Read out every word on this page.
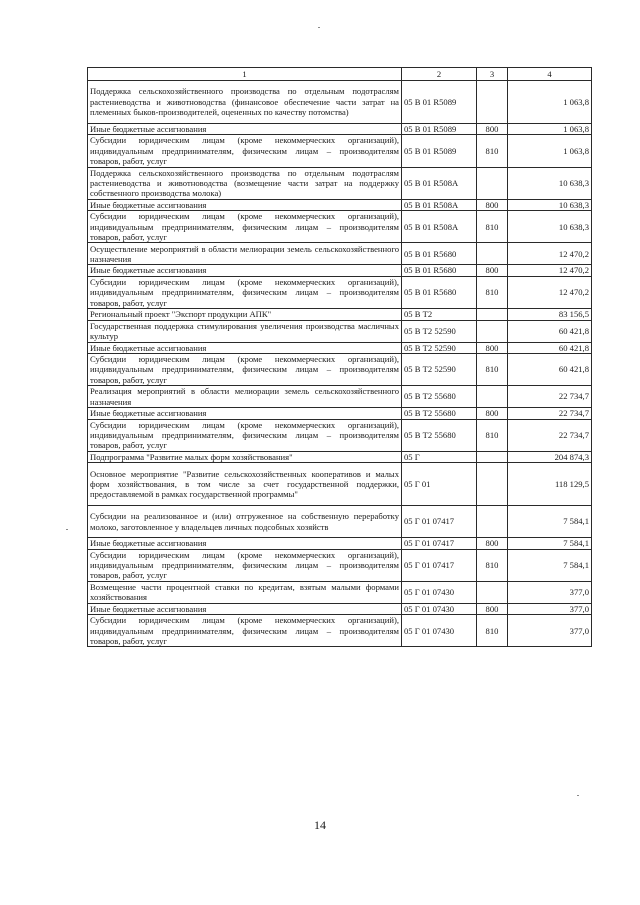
1	2	3	4
Поддержка сельскохозяйственного производства по отдельным подотраслям растениеводства и животноводства (финансовое обеспечение части затрат на племенных быков-производителей, оцененных по качеству потомства)	05 В 01 R5089		1 063,8
Иные бюджетные ассигнования	05 В 01 R5089	800	1 063,8
Субсидии юридическим лицам (кроме некоммерческих организаций), индивидуальным предпринимателям, физическим лицам – производителям товаров, работ, услуг	05 В 01 R5089	810	1 063,8
Поддержка сельскохозяйственного производства по отдельным подотраслям растениеводства и животноводства (возмещение части затрат на поддержку собственного производства молока)	05 В 01 R508А		10 638,3
Иные бюджетные ассигнования	05 В 01 R508А	800	10 638,3
Субсидии юридическим лицам (кроме некоммерческих организаций), индивидуальным предпринимателям, физическим лицам – производителям товаров, работ, услуг	05 В 01 R508А	810	10 638,3
Осуществление мероприятий в области мелиорации земель сельскохозяйственного назначения	05 В 01 R5680		12 470,2
Иные бюджетные ассигнования	05 В 01 R5680	800	12 470,2
Субсидии юридическим лицам (кроме некоммерческих организаций), индивидуальным предпринимателям, физическим лицам – производителям товаров, работ, услуг	05 В 01 R5680	810	12 470,2
Региональный проект "Экспорт продукции АПК"	05 В Т2		83 156,5
Государственная поддержка стимулирования увеличения производства масличных культур	05 В Т2 52590		60 421,8
Иные бюджетные ассигнования	05 В Т2 52590	800	60 421,8
Субсидии юридическим лицам (кроме некоммерческих организаций), индивидуальным предпринимателям, физическим лицам – производителям товаров, работ, услуг	05 В Т2 52590	810	60 421,8
Реализация мероприятий в области мелиорации земель сельскохозяйственного назначения	05 В Т2 55680		22 734,7
Иные бюджетные ассигнования	05 В Т2 55680	800	22 734,7
Субсидии юридическим лицам (кроме некоммерческих организаций), индивидуальным предпринимателям, физическим лицам – производителям товаров, работ, услуг	05 В Т2 55680	810	22 734,7
Подпрограмма "Развитие малых форм хозяйствования"	05 Г		204 874,3
Основное мероприятие "Развитие сельскохозяйственных кооперативов и малых форм хозяйствования, в том числе за счет государственной поддержки, предоставляемой в рамках государственной программы"	05 Г 01		118 129,5
Субсидии на реализованное и (или) отгруженное на собственную переработку молоко, заготовленное у владельцев личных подсобных хозяйств	05 Г 01 07417		7 584,1
Иные бюджетные ассигнования	05 Г 01 07417	800	7 584,1
Субсидии юридическим лицам (кроме некоммерческих организаций), индивидуальным предпринимателям, физическим лицам – производителям товаров, работ, услуг	05 Г 01 07417	810	7 584,1
Возмещение части процентной ставки по кредитам, взятым малыми формами хозяйствования	05 Г 01 07430		377,0
Иные бюджетные ассигнования	05 Г 01 07430	800	377,0
Субсидии юридическим лицам (кроме некоммерческих организаций), индивидуальным предпринимателям, физическим лицам – производителям товаров, работ, услуг	05 Г 01 07430	810	377,0
14
